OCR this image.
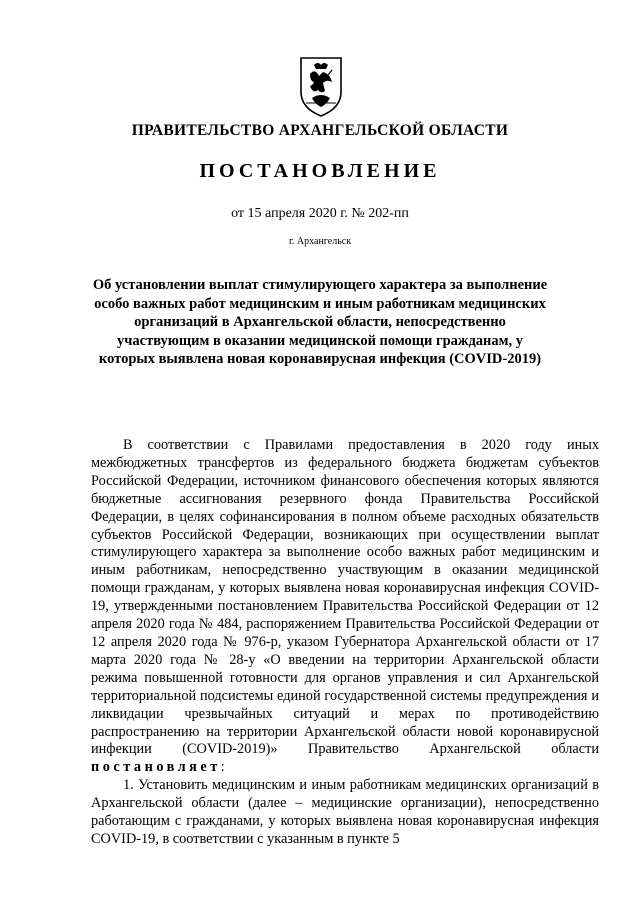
ПРАВИТЕЛЬСТВО АРХАНГЕЛЬСКОЙ ОБЛАСТИ
ПОСТАНОВЛЕНИЕ
от 15 апреля 2020 г. № 202-пп
г. Архангельск
Об установлении выплат стимулирующего характера за выполнение особо важных работ медицинским и иным работникам медицинских организаций в Архангельской области, непосредственно участвующим в оказании медицинской помощи гражданам, у которых выявлена новая коронавирусная инфекция (COVID-2019)

В соответствии с Правилами предоставления в 2020 году иных межбюджетных трансфертов из федерального бюджета бюджетам субъектов Российской Федерации, источником финансового обеспечения которых являются бюджетные ассигнования резервного фонда Правительства Российской Федерации, в целях софинансирования в полном объеме расходных обязательств субъектов Российской Федерации, возникающих при осуществлении выплат стимулирующего характера за выполнение особо важных работ медицинским и иным работникам, непосредственно участвующим в оказании медицинской помощи гражданам, у которых выявлена новая коронавирусная инфекция COVID-19, утвержденными постановлением Правительства Российской Федерации от 12 апреля 2020 года № 484, распоряжением Правительства Российской Федерации от 12 апреля 2020 года № 976-р, указом Губернатора Архангельской области от 17 марта 2020 года № 28-у «О введении на территории Архангельской области режима повышенной готовности для органов управления и сил Архангельской территориальной подсистемы единой государственной системы предупреждения и ликвидации чрезвычайных ситуаций и мерах по противодействию распространению на территории Архангельской области новой коронавирусной инфекции (COVID-2019)» Правительство Архангельской области постановляет:

1. Установить медицинским и иным работникам медицинских организаций в Архангельской области (далее – медицинские организации), непосредственно работающим с гражданами, у которых выявлена новая коронавирусная инфекция COVID-19, в соответствии с указанным в пункте 5
